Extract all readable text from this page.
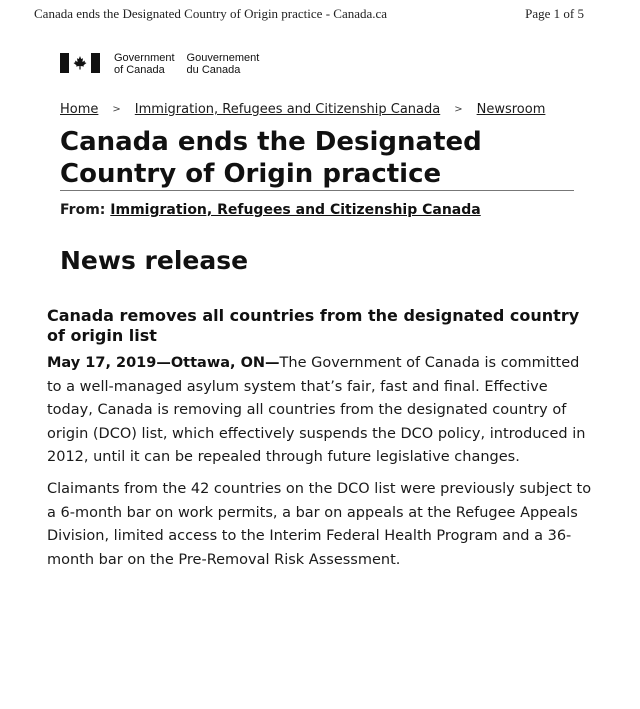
Canada ends the Designated Country of Origin practice - Canada.ca	Page 1 of 5
Government
of Canada
Gouvernement
du Canada
Home > Immigration, Refugees and Citizenship Canada > Newsroom
Canada ends the Designated Country of Origin practice
From: Immigration, Refugees and Citizenship Canada
News release
Canada removes all countries from the designated country of origin list

May 17, 2019—Ottawa, ON—The Government of Canada is committed to a well-managed asylum system that’s fair, fast and final. Effective today, Canada is removing all countries from the designated country of origin (DCO) list, which effectively suspends the DCO policy, introduced in 2012, until it can be repealed through future legislative changes.

Claimants from the 42 countries on the DCO list were previously subject to a 6-month bar on work permits, a bar on appeals at the Refugee Appeals Division, limited access to the Interim Federal Health Program and a 36-month bar on the Pre-Removal Risk Assessment.
